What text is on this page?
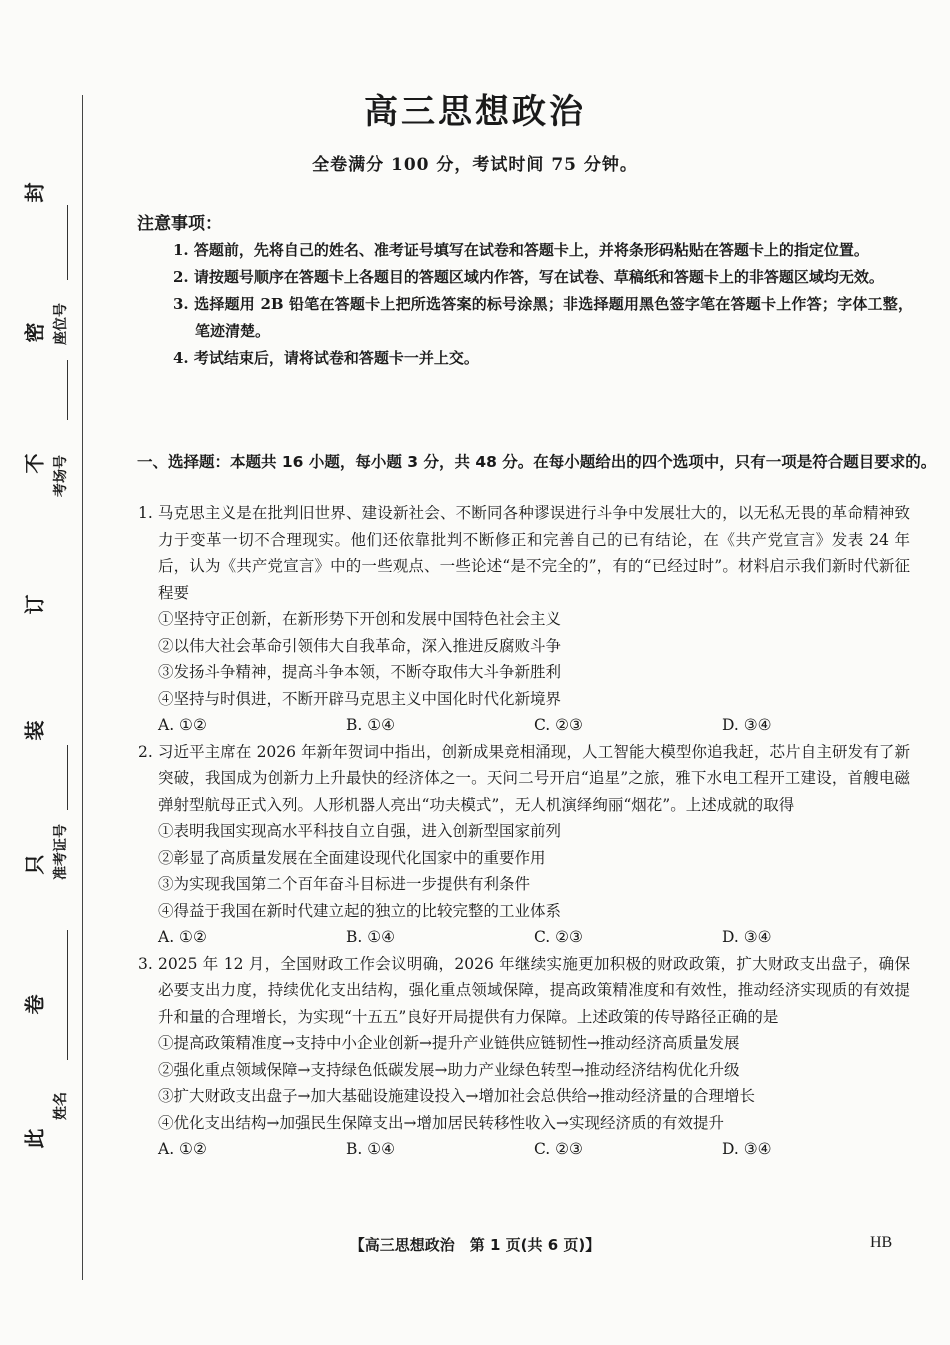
封
密
不
订
装
只
卷
此
座位号
考场号
准考证号
姓名
高三思想政治
全卷满分 100 分，考试时间 75 分钟。
注意事项：
1. 答题前，先将自己的姓名、准考证号填写在试卷和答题卡上，并将条形码粘贴在答题卡上的指定位置。
2. 请按题号顺序在答题卡上各题目的答题区域内作答，写在试卷、草稿纸和答题卡上的非答题区域均无效。
3. 选择题用 2B 铅笔在答题卡上把所选答案的标号涂黑；非选择题用黑色签字笔在答题卡上作答；字体工整，笔迹清楚。
4. 考试结束后，请将试卷和答题卡一并上交。
一、选择题：本题共 16 小题，每小题 3 分，共 48 分。在每小题给出的四个选项中，只有一项是符合题目要求的。
1. 马克思主义是在批判旧世界、建设新社会、不断同各种谬误进行斗争中发展壮大的，以无私无畏的革命精神致力于变革一切不合理现实。他们还依靠批判不断修正和完善自己的已有结论，在《共产党宣言》发表 24 年后，认为《共产党宣言》中的一些观点、一些论述“是不完全的”，有的“已经过时”。材料启示我们新时代新征程要
①坚持守正创新，在新形势下开创和发展中国特色社会主义
②以伟大社会革命引领伟大自我革命，深入推进反腐败斗争
③发扬斗争精神，提高斗争本领，不断夺取伟大斗争新胜利
④坚持与时俱进，不断开辟马克思主义中国化时代化新境界
A. ①②	B. ①④	C. ②③	D. ③④
2. 习近平主席在 2026 年新年贺词中指出，创新成果竞相涌现，人工智能大模型你追我赶，芯片自主研发有了新突破，我国成为创新力上升最快的经济体之一。天问二号开启“追星”之旅，雅下水电工程开工建设，首艘电磁弹射型航母正式入列。人形机器人亮出“功夫模式”，无人机演绎绚丽“烟花”。上述成就的取得
①表明我国实现高水平科技自立自强，进入创新型国家前列
②彰显了高质量发展在全面建设现代化国家中的重要作用
③为实现我国第二个百年奋斗目标进一步提供有利条件
④得益于我国在新时代建立起的独立的比较完整的工业体系
A. ①②	B. ①④	C. ②③	D. ③④
3. 2025 年 12 月，全国财政工作会议明确，2026 年继续实施更加积极的财政政策，扩大财政支出盘子，确保必要支出力度，持续优化支出结构，强化重点领域保障，提高政策精准度和有效性，推动经济实现质的有效提升和量的合理增长，为实现“十五五”良好开局提供有力保障。上述政策的传导路径正确的是
①提高政策精准度→支持中小企业创新→提升产业链供应链韧性→推动经济高质量发展
②强化重点领域保障→支持绿色低碳发展→助力产业绿色转型→推动经济结构优化升级
③扩大财政支出盘子→加大基础设施建设投入→增加社会总供给→推动经济量的合理增长
④优化支出结构→加强民生保障支出→增加居民转移性收入→实现经济质的有效提升
A. ①②	B. ①④	C. ②③	D. ③④
【高三思想政治　第 1 页(共 6 页)】	HB
